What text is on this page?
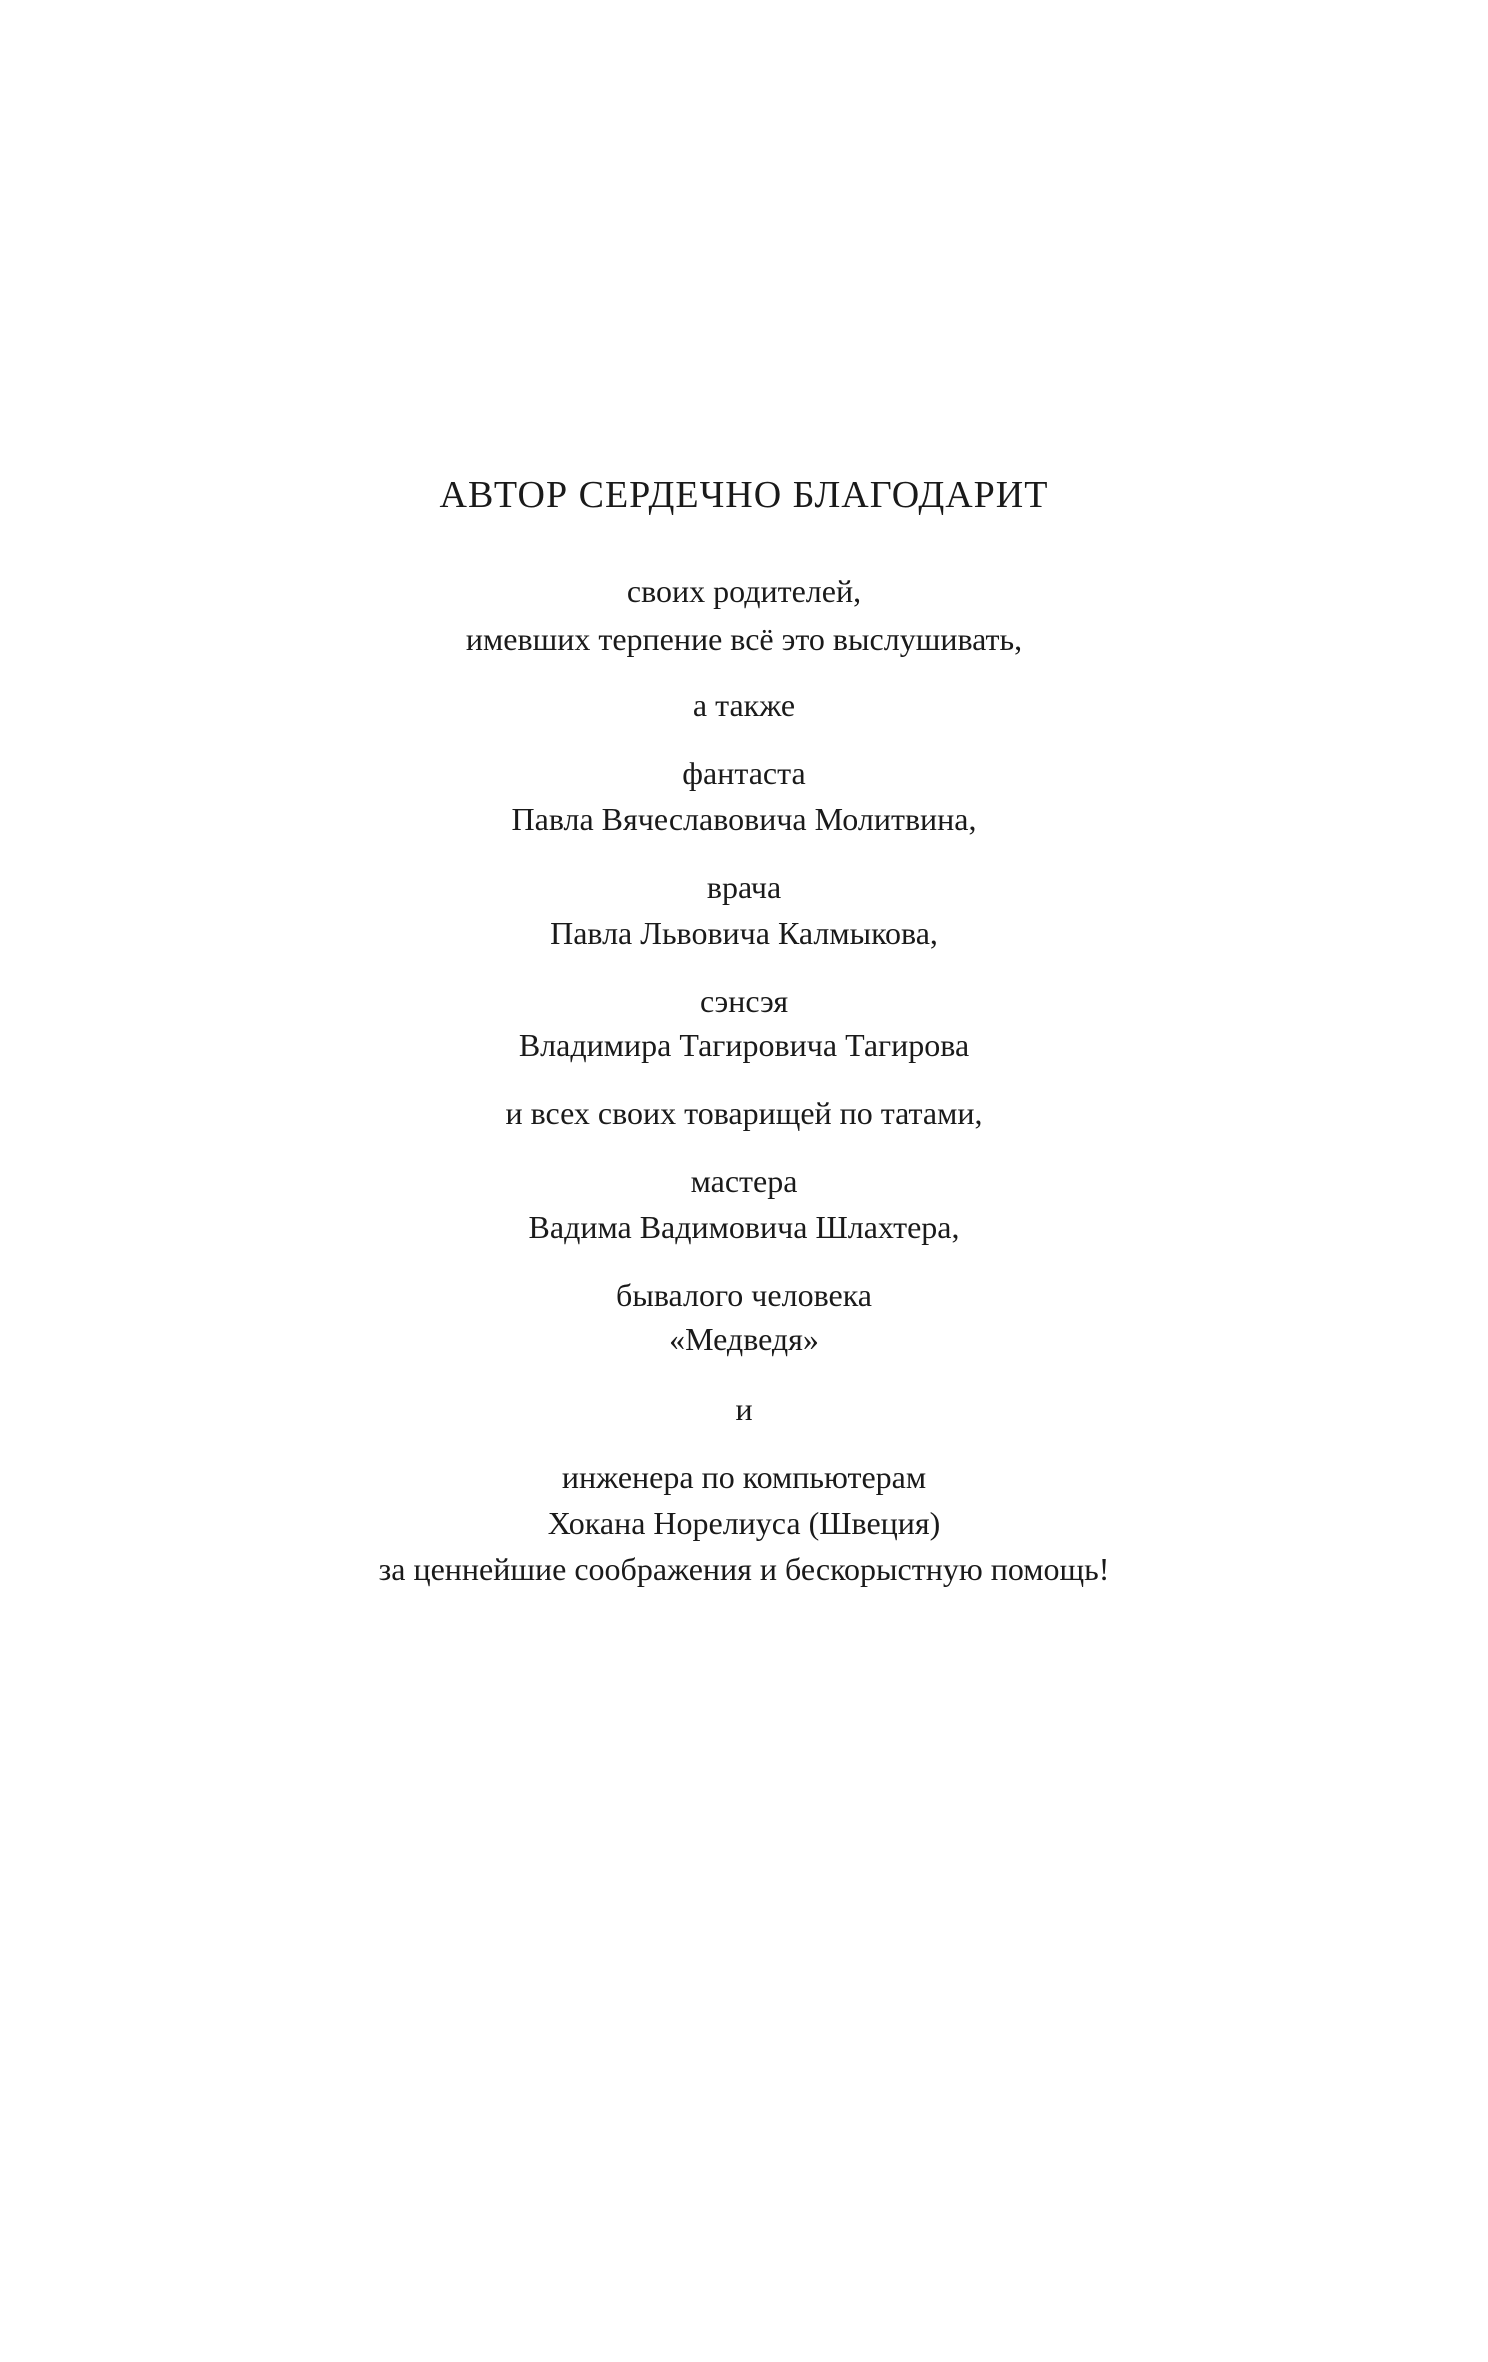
АВТОР СЕРДЕЧНО БЛАГОДАРИТ

своих родителей,

имевших терпение всё это выслушивать,

а также

фантаста

Павла Вячеславовича Молитвина,

врача

Павла Львовича Калмыкова,

сэнсэя

Владимира Тагировича Тагирова

и всех своих товарищей по татами,

мастера

Вадима Вадимовича Шлахтера,

бывалого человека

«Медведя»

и

инженера по компьютерам

Хокана Норелиуса (Швеция)

за ценнейшие соображения и бескорыстную помощь!
